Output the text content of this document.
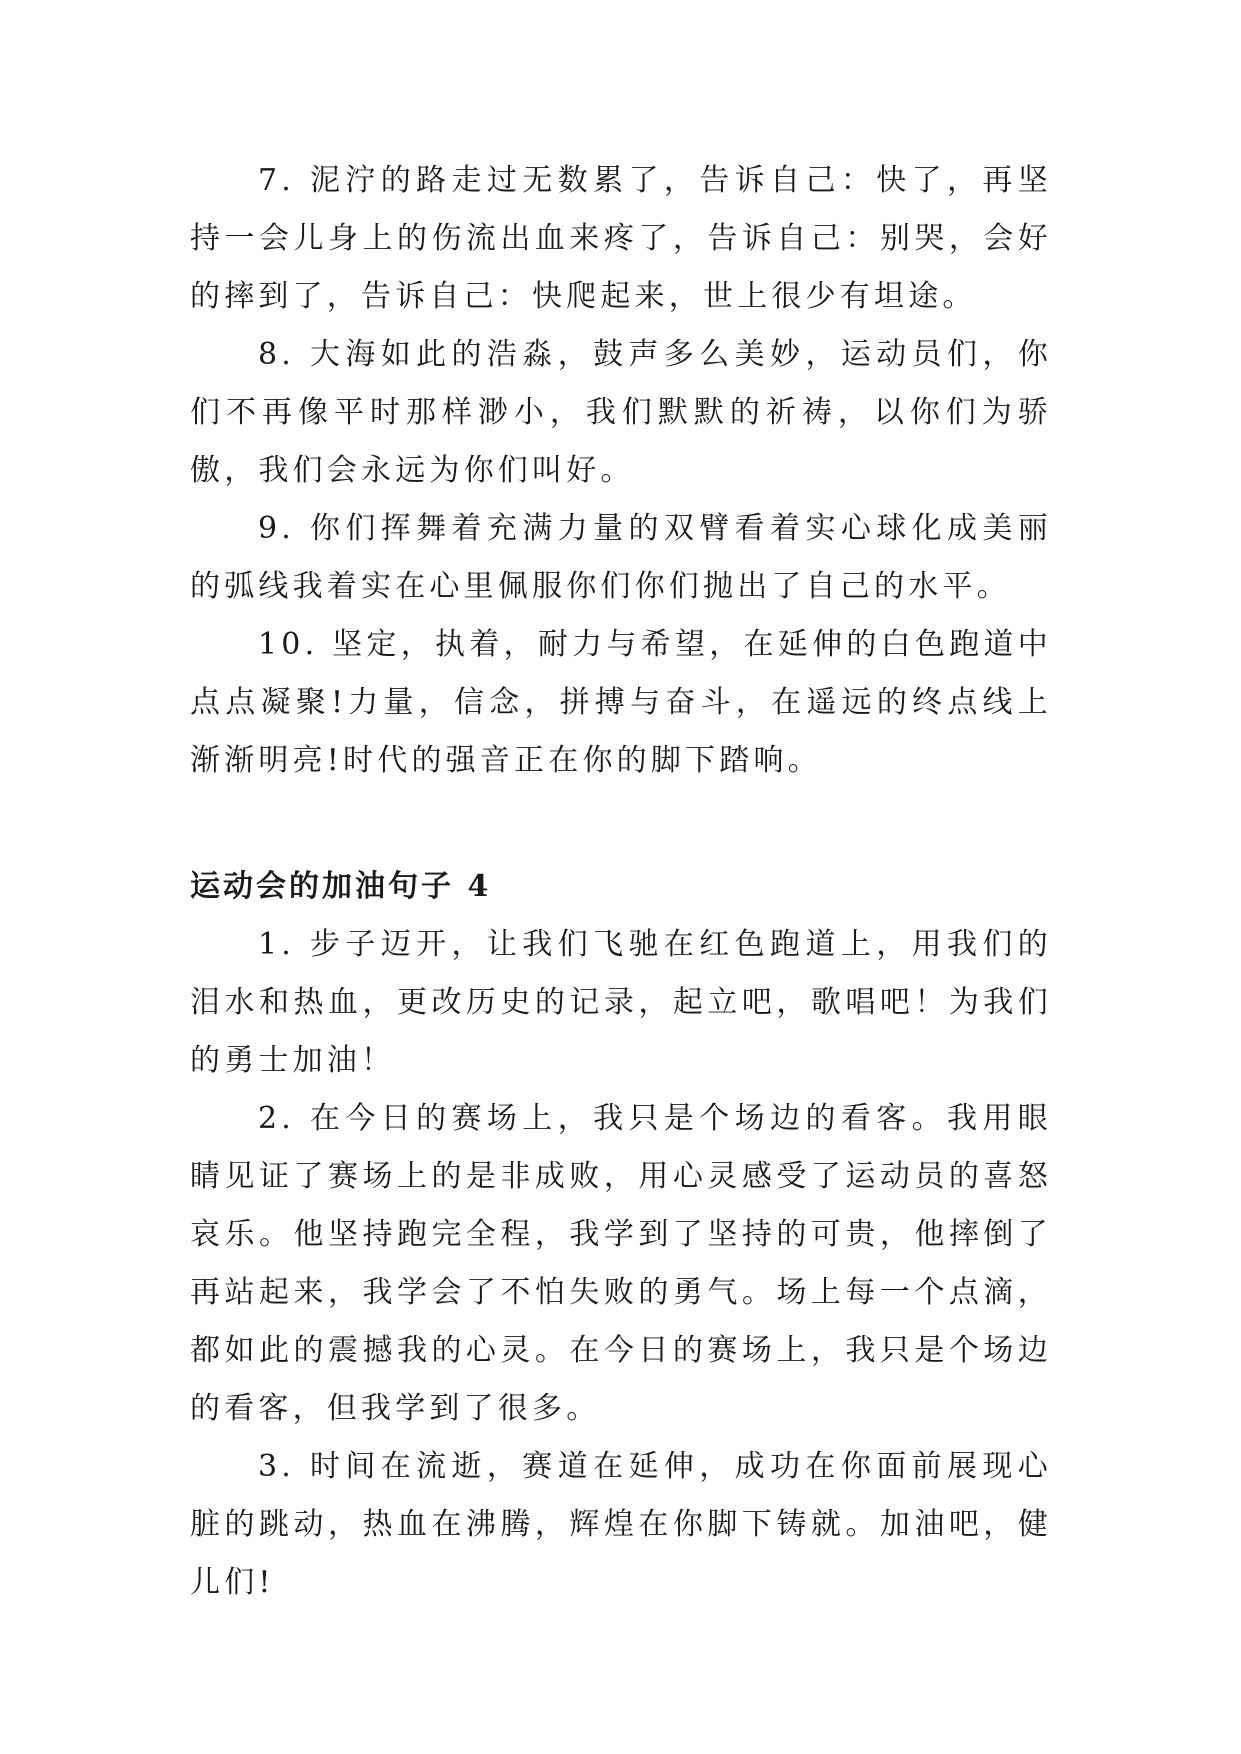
7. 泥泞的路走过无数累了，告诉自己：快了，再坚持一会儿身上的伤流出血来疼了，告诉自己：别哭，会好的摔到了，告诉自己：快爬起来，世上很少有坦途。

8. 大海如此的浩淼，鼓声多么美妙，运动员们，你们不再像平时那样渺小，我们默默的祈祷，以你们为骄傲，我们会永远为你们叫好。

9. 你们挥舞着充满力量的双臂看着实心球化成美丽的弧线我着实在心里佩服你们你们抛出了自己的水平。

10. 坚定，执着，耐力与希望，在延伸的白色跑道中点点凝聚!力量，信念，拼搏与奋斗，在遥远的终点线上渐渐明亮!时代的强音正在你的脚下踏响。

运动会的加油句子 4

1. 步子迈开，让我们飞驰在红色跑道上，用我们的泪水和热血，更改历史的记录，起立吧，歌唱吧！为我们的勇士加油！

2. 在今日的赛场上，我只是个场边的看客。我用眼睛见证了赛场上的是非成败，用心灵感受了运动员的喜怒哀乐。他坚持跑完全程，我学到了坚持的可贵，他摔倒了再站起来，我学会了不怕失败的勇气。场上每一个点滴，都如此的震撼我的心灵。在今日的赛场上，我只是个场边的看客，但我学到了很多。

3. 时间在流逝，赛道在延伸，成功在你面前展现心脏的跳动，热血在沸腾，辉煌在你脚下铸就。加油吧，健儿们!
